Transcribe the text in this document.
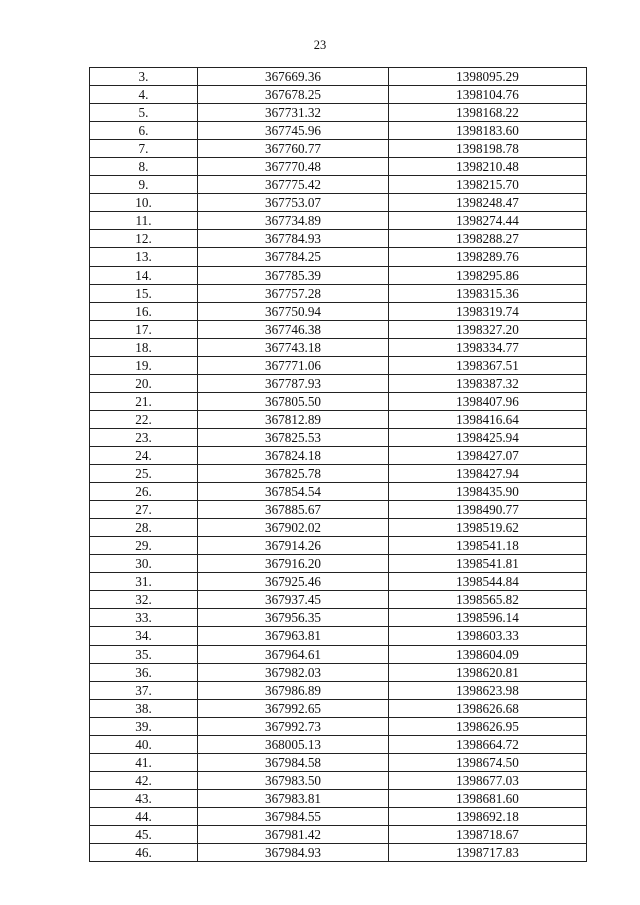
23
3.	367669.36	1398095.29
4.	367678.25	1398104.76
5.	367731.32	1398168.22
6.	367745.96	1398183.60
7.	367760.77	1398198.78
8.	367770.48	1398210.48
9.	367775.42	1398215.70
10.	367753.07	1398248.47
11.	367734.89	1398274.44
12.	367784.93	1398288.27
13.	367784.25	1398289.76
14.	367785.39	1398295.86
15.	367757.28	1398315.36
16.	367750.94	1398319.74
17.	367746.38	1398327.20
18.	367743.18	1398334.77
19.	367771.06	1398367.51
20.	367787.93	1398387.32
21.	367805.50	1398407.96
22.	367812.89	1398416.64
23.	367825.53	1398425.94
24.	367824.18	1398427.07
25.	367825.78	1398427.94
26.	367854.54	1398435.90
27.	367885.67	1398490.77
28.	367902.02	1398519.62
29.	367914.26	1398541.18
30.	367916.20	1398541.81
31.	367925.46	1398544.84
32.	367937.45	1398565.82
33.	367956.35	1398596.14
34.	367963.81	1398603.33
35.	367964.61	1398604.09
36.	367982.03	1398620.81
37.	367986.89	1398623.98
38.	367992.65	1398626.68
39.	367992.73	1398626.95
40.	368005.13	1398664.72
41.	367984.58	1398674.50
42.	367983.50	1398677.03
43.	367983.81	1398681.60
44.	367984.55	1398692.18
45.	367981.42	1398718.67
46.	367984.93	1398717.83
